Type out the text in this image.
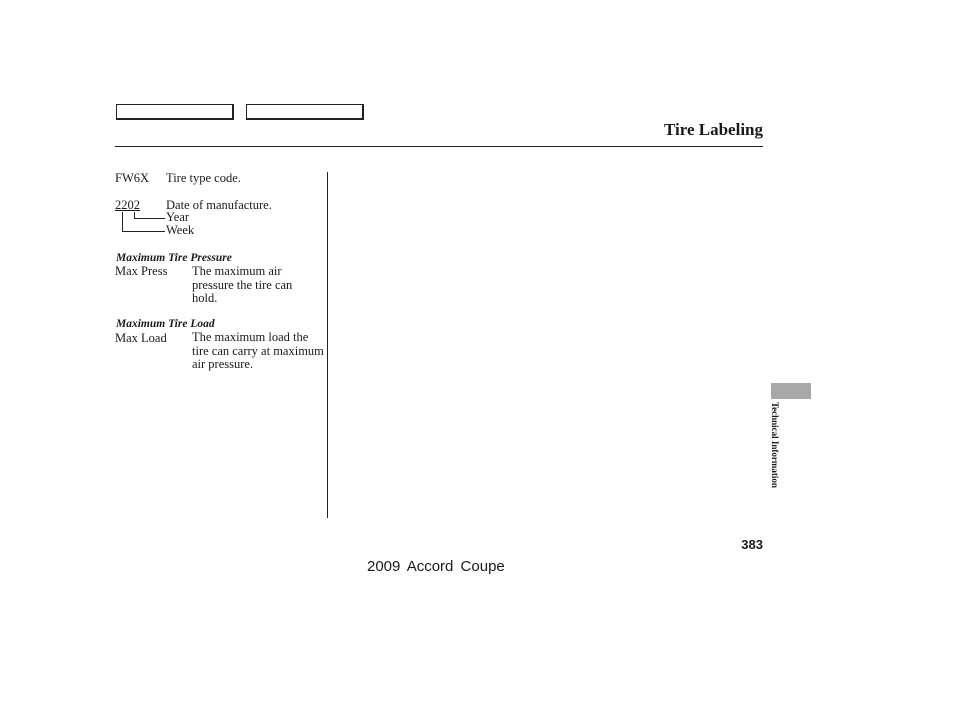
Tire Labeling
FW6X Tire type code.
2202 Date of manufacture.
Year
Week
Maximum Tire Pressure
Max Press The maximum air pressure the tire can hold.
Maximum Tire Load
Max Load The maximum load the tire can carry at maximum air pressure.
Technical Information
383
2009 Accord Coupe
